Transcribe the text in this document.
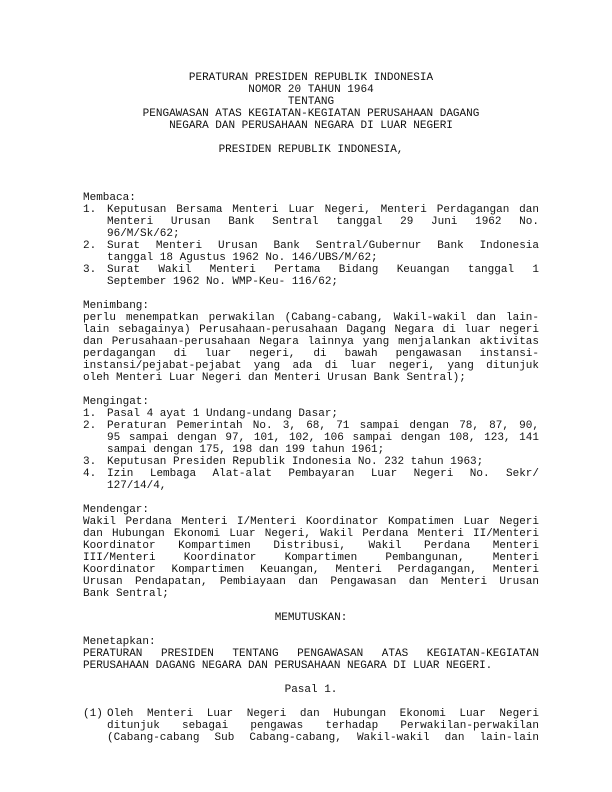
PERATURAN PRESIDEN REPUBLIK INDONESIA
NOMOR 20 TAHUN 1964
TENTANG
PENGAWASAN ATAS KEGIATAN-KEGIATAN PERUSAHAAN DAGANG
NEGARA DAN PERUSAHAAN NEGARA DI LUAR NEGERI
PRESIDEN REPUBLIK INDONESIA,
Membaca:
1. Keputusan Bersama Menteri Luar Negeri, Menteri Perdagangan dan
Menteri Urusan Bank Sentral tanggal 29 Juni 1962 No.
96/M/Sk/62;
2. Surat Menteri Urusan Bank Sentral/Gubernur Bank Indonesia
tanggal 18 Agustus 1962 No. 146/UBS/M/62;
3. Surat Wakil Menteri Pertama Bidang Keuangan tanggal 1
September 1962 No. WMP-Keu- 116/62;
Menimbang:
perlu menempatkan perwakilan (Cabang-cabang, Wakil-wakil dan lain-
lain sebagainya) Perusahaan-perusahaan Dagang Negara di luar negeri
dan Perusahaan-perusahaan Negara lainnya yang menjalankan aktivitas
perdagangan di luar negeri, di bawah pengawasan instansi-
instansi/pejabat-pejabat yang ada di luar negeri, yang ditunjuk
oleh Menteri Luar Negeri dan Menteri Urusan Bank Sentral);
Mengingat:
1. Pasal 4 ayat 1 Undang-undang Dasar;
2. Peraturan Pemerintah No. 3, 68, 71 sampai dengan 78, 87, 90,
95 sampai dengan 97, 101, 102, 106 sampai dengan 108, 123, 141
sampai dengan 175, 198 dan 199 tahun 1961;
3. Keputusan Presiden Republik Indonesia No. 232 tahun 1963;
4. Izin Lembaga Alat-alat Pembayaran Luar Negeri No. Sekr/
127/14/4,
Mendengar:
Wakil Perdana Menteri I/Menteri Koordinator Kompatimen Luar Negeri
dan Hubungan Ekonomi Luar Negeri, Wakil Perdana Menteri II/Menteri
Koordinator Kompartimen Distribusi, Wakil Perdana Menteri
III/Menteri Koordinator Kompartimen Pembangunan, Menteri
Koordinator Kompartimen Keuangan, Menteri Perdagangan, Menteri
Urusan Pendapatan, Pembiayaan dan Pengawasan dan Menteri Urusan
Bank Sentral;
MEMUTUSKAN:
Menetapkan:
PERATURAN PRESIDEN TENTANG PENGAWASAN ATAS KEGIATAN-KEGIATAN
PERUSAHAAN DAGANG NEGARA DAN PERUSAHAAN NEGARA DI LUAR NEGERI.
Pasal 1.
(1) Oleh Menteri Luar Negeri dan Hubungan Ekonomi Luar Negeri
ditunjuk sebagai pengawas terhadap Perwakilan-perwakilan
(Cabang-cabang Sub Cabang-cabang, Wakil-wakil dan lain-lain
